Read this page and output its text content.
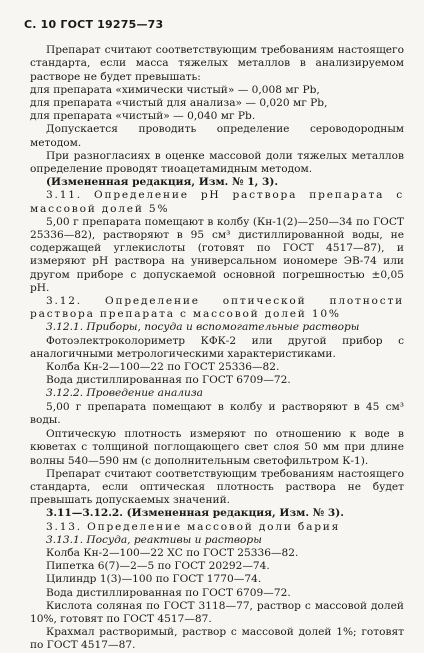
С. 10 ГОСТ 19275—73

Препарат считают соответствующим требованиям настоящего стандарта, если масса тяжелых металлов в анализируемом растворе не будет превышать:

для препарата «химически чистый» — 0,008 мг Pb,

для препарата «чистый для анализа» — 0,020 мг Pb,

для препарата «чистый» — 0,040 мг Pb.

Допускается проводить определение сероводородным методом.

При разногласиях в оценке массовой доли тяжелых металлов определение проводят тиоацетамидным методом.

(Измененная редакция, Изм. № 1, 3).

3.11. Определение pH раствора препарата с массовой долей 5%

5,00 г препарата помещают в колбу (Кн-1(2)—250—34 по ГОСТ 25336—82), растворяют в 95 см³ дистиллированной воды, не содержащей углекислоты (готовят по ГОСТ 4517—87), и измеряют pH раствора на универсальном иономере ЭВ-74 или другом приборе с допускаемой основной погрешностью ±0,05 pH.

3.12. Определение оптической плотности раствора препарата с массовой долей 10%

3.12.1. Приборы, посуда и вспомогательные растворы

Фотоэлектроколориметр КФК-2 или другой прибор с аналогичными метрологическими характеристиками.

Колба Кн-2—100—22 по ГОСТ 25336—82.

Вода дистиллированная по ГОСТ 6709—72.

3.12.2. Проведение анализа

5,00 г препарата помещают в колбу и растворяют в 45 см³ воды.

Оптическую плотность измеряют по отношению к воде в кюветах с толщиной поглощающего свет слоя 50 мм при длине волны 540—590 нм (с дополнительным светофильтром К-1).

Препарат считают соответствующим требованиям настоящего стандарта, если оптическая плотность раствора не будет превышать допускаемых значений.

3.11—3.12.2. (Измененная редакция, Изм. № 3).

3.13. Определение массовой доли бария

3.13.1. Посуда, реактивы и растворы

Колба Кн-2—100—22 ХС по ГОСТ 25336—82.

Пипетка 6(7)—2—5 по ГОСТ 20292—74.

Цилиндр 1(3)—100 по ГОСТ 1770—74.

Вода дистиллированная по ГОСТ 6709—72.

Кислота соляная по ГОСТ 3118—77, раствор с массовой долей 10%, готовят по ГОСТ 4517—87.

Крахмал растворимый, раствор с массовой долей 1%; готовят по ГОСТ 4517—87.
